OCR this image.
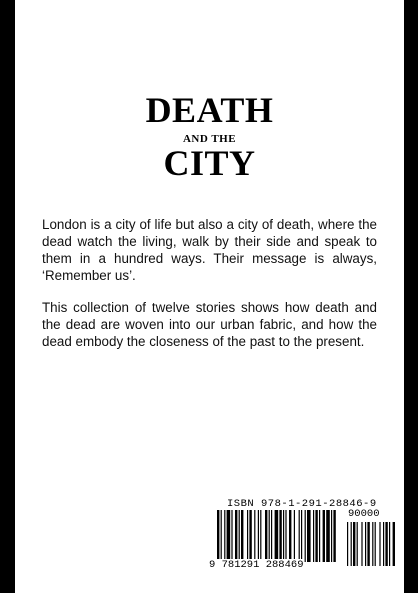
DEATH
AND THE
CITY

London is a city of life but also a city of death, where the dead watch the living, walk by their side and speak to them in a hundred ways. Their message is always, ‘Remember us’.

This collection of twelve stories shows how death and the dead are woven into our urban fabric, and how the dead embody the closeness of the past to the present.

ISBN 978-1-291-28846-9
90000
9 781291 288469
